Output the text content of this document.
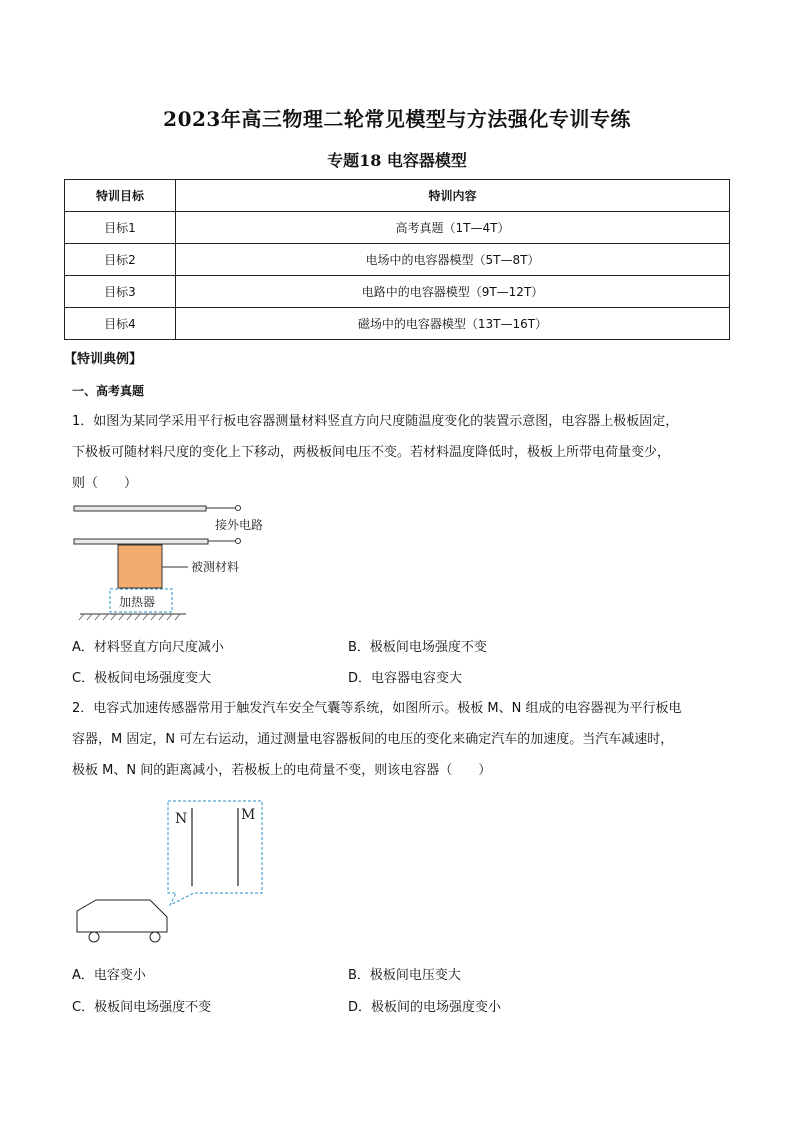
2023年高三物理二轮常见模型与方法强化专训专练
专题18 电容器模型
特训目标	特训内容
目标1	高考真题（1T—4T）
目标2	电场中的电容器模型（5T—8T）
目标3	电路中的电容器模型（9T—12T）
目标4	磁场中的电容器模型（13T—16T）
【特训典例】
一、高考真题
1．如图为某同学采用平行板电容器测量材料竖直方向尺度随温度变化的装置示意图，电容器上极板固定，
下极板可随材料尺度的变化上下移动，两极板间电压不变。若材料温度降低时，极板上所带电荷量变少，
则（　　）
接外电路
被测材料
加热器
A．材料竖直方向尺度减小	B．极板间电场强度不变
C．极板间电场强度变大	D．电容器电容变大
2．电容式加速传感器常用于触发汽车安全气囊等系统，如图所示。极板 M、N 组成的电容器视为平行板电
容器，M 固定，N 可左右运动，通过测量电容器板间的电压的变化来确定汽车的加速度。当汽车减速时，
极板 M、N 间的距离减小，若极板上的电荷量不变，则该电容器（　　）
N	M
A．电容变小	B．极板间电压变大
C．极板间电场强度不变	D．极板间的电场强度变小
